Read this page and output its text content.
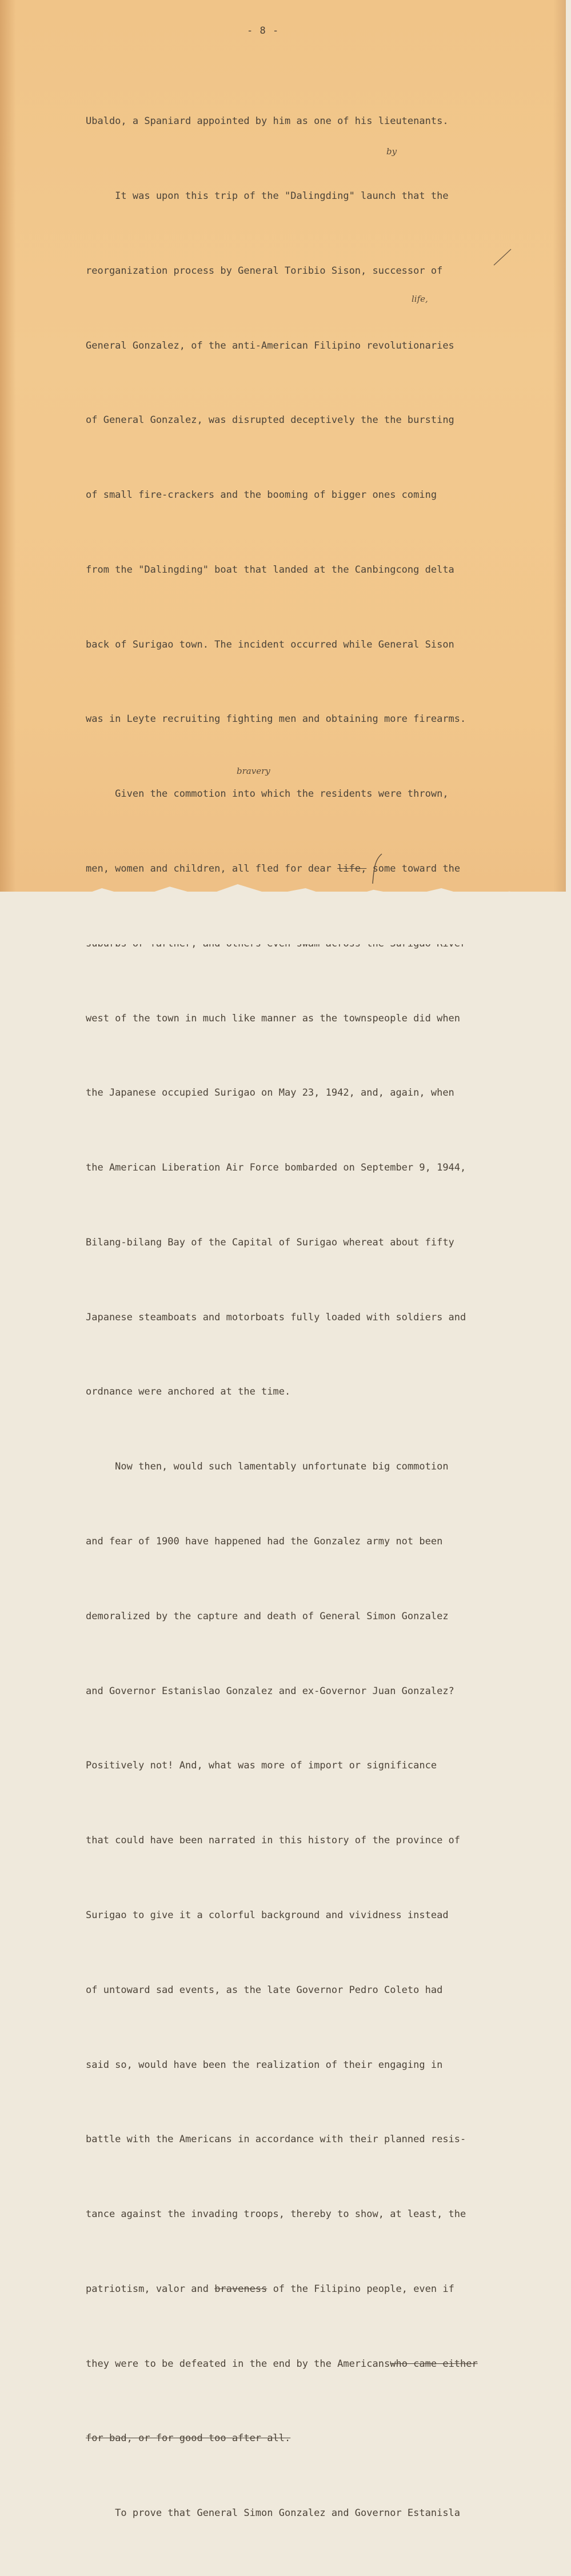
- 8 -

Ubaldo, a Spaniard appointed by him as one of his lieutenants.

It was upon this trip of the "Dalingding" launch that the

reorganization process by General Toribio Sison, successor of

General Gonzalez, of the anti-American Filipino revolutionaries

of General Gonzalez, was disrupted deceptively the the bursting

of small fire-crackers and the booming of bigger ones coming

from the "Dalingding" boat that landed at the Canbingcong delta

back of Surigao town. The incident occurred while General Sison

was in Leyte recruiting fighting men and obtaining more firearms.

Given the commotion into which the residents were thrown,

men, women and children, all fled for dear life, some toward the

west of the town in much like manner as the townspeople did when

the Japanese occupied Surigao on May 23, 1942, and, again, when

the American Liberation Air Force bombarded on September 9, 1944,

Bilang-bilang Bay of the Capital of Surigao whereat about fifty

Japanese steamboats and motorboats fully loaded with soldiers and

ordnance were anchored at the time.

Now then, would such lamentably unfortunate big commotion

and fear of 1900 have happened had the Gonzalez army not been

demoralized by the capture and death of General Simon Gonzalez

and Governor Estanislao Gonzalez and ex-Governor Juan Gonzalez?

Positively not! And, what was more of import or significance

that could have been narrated in this history of the province of

Surigao to give it a colorful background and vividness instead

of untoward sad events, as the late Governor Pedro Coleto had

said so, would have been the realization of their engaging in

battle with the Americans in accordance with their planned resis-

tance against the invading troops, thereby to show, at least, the

patriotism, valor and braveness of the Filipino people, even if

they were to be defeated in the end by the Americanswho came either

for bad, or for good too after all.

To prove that General Simon Gonzalez and Governor Estanisla

by
life,
bravery
